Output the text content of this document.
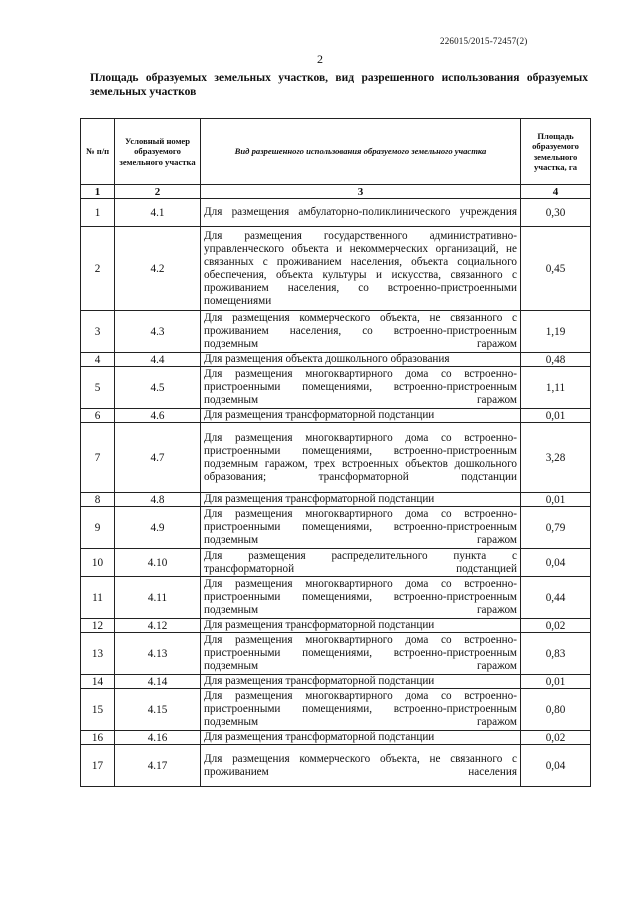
226015/2015-72457(2)
2
Площадь образуемых земельных участков, вид разрешенного использования образуемых земельных участков
№ п/п	Условный номер образуемого земельного участка	Вид разрешенного использования образуемого земельного участка	Площадь образуемого земельного участка, га
1	2	3	4
1	4.1	Для размещения амбулаторно-поликлинического учреждения	0,30
2	4.2	Для размещения государственного административно-управленческого объекта и некоммерческих организаций, не связанных с проживанием населения, объекта социального обеспечения, объекта культуры и искусства, связанного с проживанием населения, со встроенно-пристроенными помещениями	0,45
3	4.3	Для размещения коммерческого объекта, не связанного с проживанием населения, со встроенно-пристроенным подземным гаражом	1,19
4	4.4	Для размещения объекта дошкольного образования	0,48
5	4.5	Для размещения многоквартирного дома со встроенно-пристроенными помещениями, встроенно-пристроенным подземным гаражом	1,11
6	4.6	Для размещения трансформаторной подстанции	0,01
7	4.7	Для размещения многоквартирного дома со встроенно-пристроенными помещениями, встроенно-пристроенным подземным гаражом, трех встроенных объектов дошкольного образования; трансформаторной подстанции	3,28
8	4.8	Для размещения трансформаторной подстанции	0,01
9	4.9	Для размещения многоквартирного дома со встроенно-пристроенными помещениями, встроенно-пристроенным подземным гаражом	0,79
10	4.10	Для размещения распределительного пункта с трансформаторной подстанцией	0,04
11	4.11	Для размещения многоквартирного дома со встроенно-пристроенными помещениями, встроенно-пристроенным подземным гаражом	0,44
12	4.12	Для размещения трансформаторной подстанции	0,02
13	4.13	Для размещения многоквартирного дома со встроенно-пристроенными помещениями, встроенно-пристроенным подземным гаражом	0,83
14	4.14	Для размещения трансформаторной подстанции	0,01
15	4.15	Для размещения многоквартирного дома со встроенно-пристроенными помещениями, встроенно-пристроенным подземным гаражом	0,80
16	4.16	Для размещения трансформаторной подстанции	0,02
17	4.17	Для размещения коммерческого объекта, не связанного с проживанием населения	0,04
